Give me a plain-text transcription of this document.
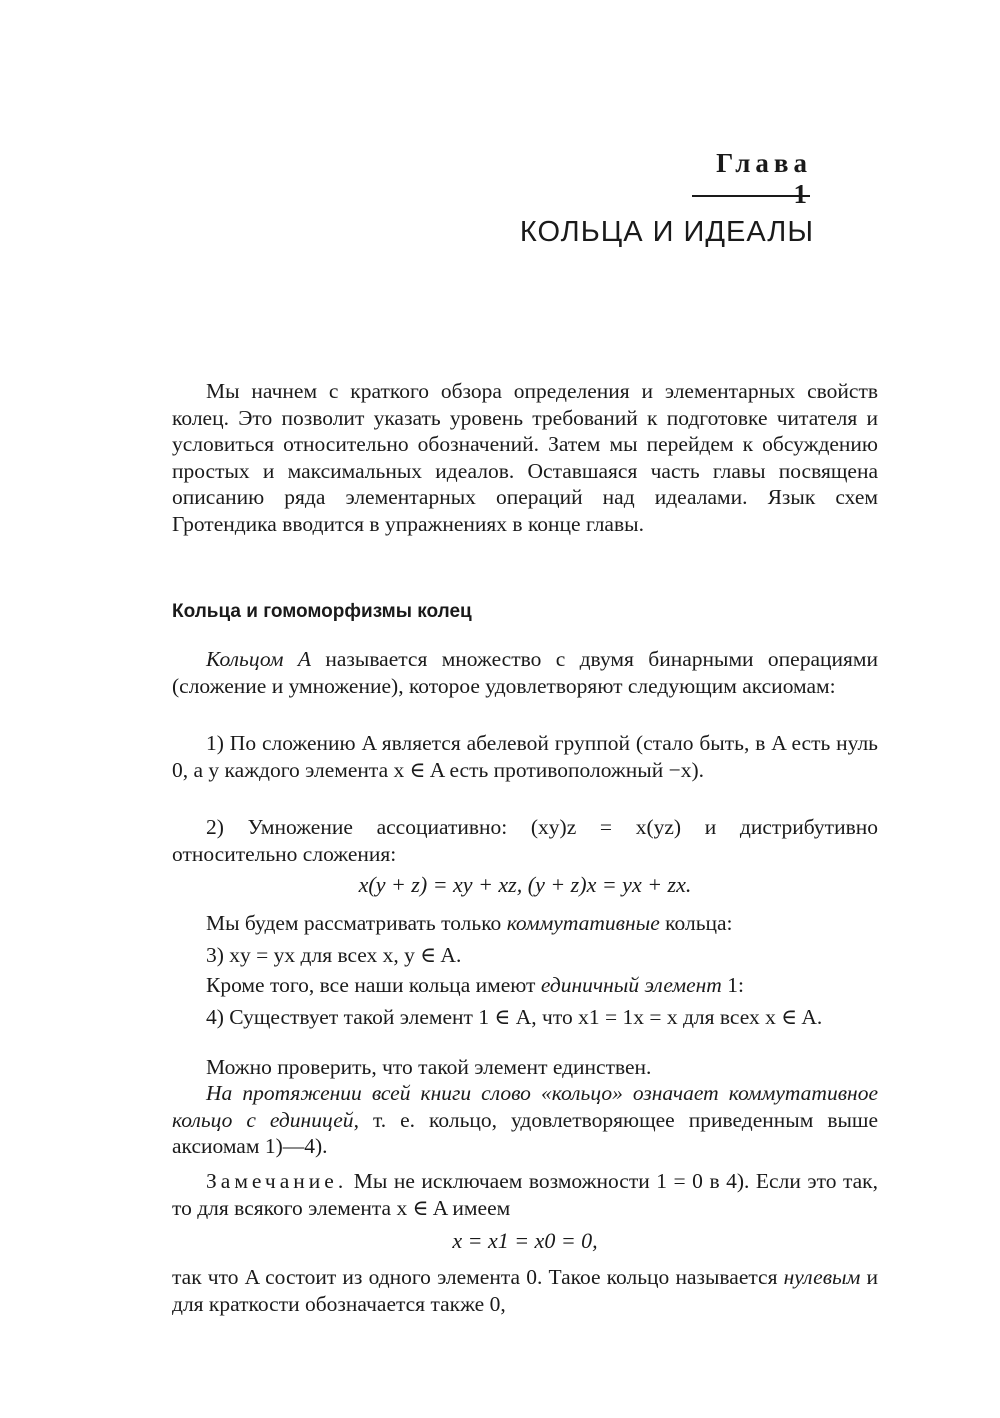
Глава 1
КОЛЬЦА И ИДЕАЛЫ

Мы начнем с краткого обзора определения и элементарных свойств колец. Это позволит указать уровень требований к подготовке читателя и условиться относительно обозначений. Затем мы перейдем к обсуждению простых и максимальных идеалов. Оставшаяся часть главы посвящена описанию ряда элементарных операций над идеалами. Язык схем Гротендика вводится в упражнениях в конце главы.

Кольца и гомоморфизмы колец

Кольцом A называется множество с двумя бинарными операциями (сложение и умножение), которое удовлетворяют следующим аксиомам:

1) По сложению A является абелевой группой (стало быть, в A есть нуль 0, а у каждого элемента x ∈ A есть противоположный −x).

2) Умножение ассоциативно: (xy)z = x(yz) и дистрибутивно относительно сложения:

x(y + z) = xy + xz, (y + z)x = yx + zx.

Мы будем рассматривать только коммутативные кольца:

3) xy = yx для всех x, y ∈ A.

Кроме того, все наши кольца имеют единичный элемент 1:

4) Существует такой элемент 1 ∈ A, что x1 = 1x = x для всех x ∈ A.

Можно проверить, что такой элемент единствен.

На протяжении всей книги слово «кольцо» означает коммутативное кольцо с единицей, т. е. кольцо, удовлетворяющее приведенным выше аксиомам 1)—4).

Замечание. Мы не исключаем возможности 1 = 0 в 4). Если это так, то для всякого элемента x ∈ A имеем

x = x1 = x0 = 0,

так что A состоит из одного элемента 0. Такое кольцо называется нулевым и для краткости обозначается также 0,
